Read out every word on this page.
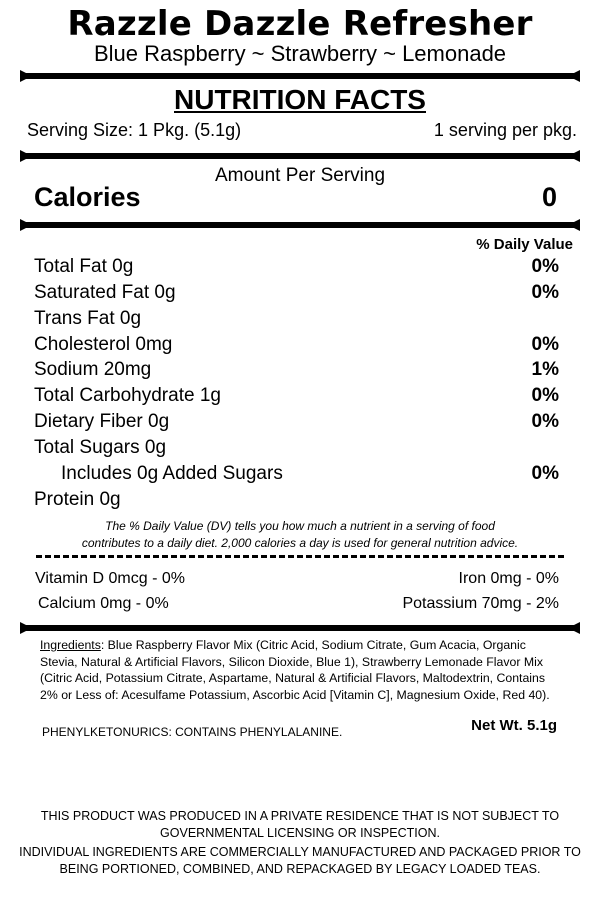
Razzle Dazzle Refresher
Blue Raspberry ~ Strawberry ~ Lemonade
NUTRITION FACTS
Serving Size: 1 Pkg. (5.1g)	1 serving per pkg.
Amount Per Serving
Calories	0
% Daily Value
Total Fat 0g	0%
Saturated Fat 0g	0%
Trans Fat 0g
Cholesterol 0mg	0%
Sodium 20mg	1%
Total Carbohydrate 1g	0%
Dietary Fiber 0g	0%
Total Sugars 0g
Includes 0g Added Sugars	0%
Protein 0g
The % Daily Value (DV) tells you how much a nutrient in a serving of food
contributes to a daily diet. 2,000 calories a day is used for general nutrition advice.
Vitamin D 0mcg - 0%	Iron 0mg - 0%
Calcium 0mg - 0%	Potassium 70mg - 2%
Ingredients: Blue Raspberry Flavor Mix (Citric Acid, Sodium Citrate, Gum Acacia, Organic Stevia, Natural & Artificial Flavors, Silicon Dioxide, Blue 1), Strawberry Lemonade Flavor Mix (Citric Acid, Potassium Citrate, Aspartame, Natural & Artificial Flavors, Maltodextrin, Contains 2% or Less of: Acesulfame Potassium, Ascorbic Acid [Vitamin C], Magnesium Oxide, Red 40).
PHENYLKETONURICS: CONTAINS PHENYLALANINE.	Net Wt. 5.1g
THIS PRODUCT WAS PRODUCED IN A PRIVATE RESIDENCE THAT IS NOT SUBJECT TO
GOVERNMENTAL LICENSING OR INSPECTION.
INDIVIDUAL INGREDIENTS ARE COMMERCIALLY MANUFACTURED AND PACKAGED PRIOR TO
BEING PORTIONED, COMBINED, AND REPACKAGED BY LEGACY LOADED TEAS.
